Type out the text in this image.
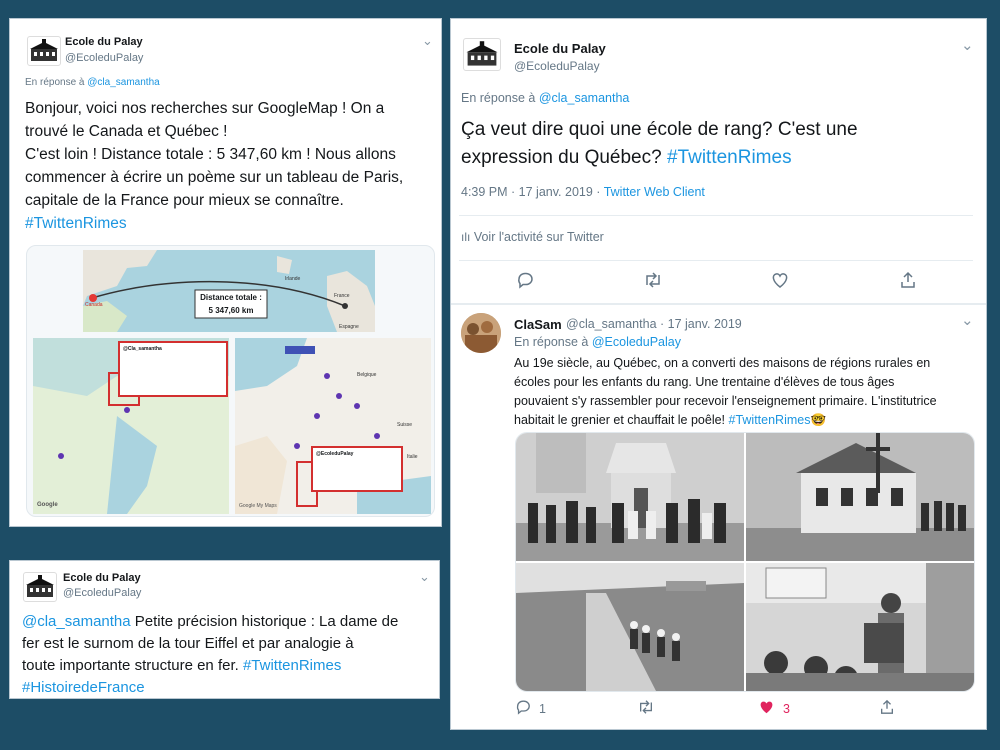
Ecole du Palay
@EcoleduPalay
⌄
En réponse à @cla_samantha
Bonjour, voici nos recherches sur GoogleMap ! On a
trouvé le Canada et Québec !
C'est loin ! Distance totale : 5 347,60 km ! Nous allons
commencer à écrire un poème sur un tableau de Paris,
capitale de la France pour mieux se connaître.
#TwittenRimes
Distance totale :
5 347,60 km
Canada
France
Espagne
Irlande
Belgique
Suisse
Italie
@Cla_samantha
@EcoleduPalay
Google	Google My Maps
Ecole du Palay
@EcoleduPalay
⌄
@cla_samantha Petite précision historique : La dame de
fer est le surnom de la tour Eiffel et par analogie à
toute importante structure en fer. #TwittenRimes
#HistoiredeFrance
Ecole du Palay
@EcoleduPalay
⌄
En réponse à @cla_samantha
Ça veut dire quoi une école de rang? C'est une
expression du Québec? #TwittenRimes
4:39 PM · 17 janv. 2019 · Twitter Web Client
ılı Voir l'activité sur Twitter
ClaSam @cla_samantha · 17 janv. 2019	⌄
En réponse à @EcoleduPalay
Au 19e siècle, au Québec, on a converti des maisons de régions rurales en
écoles pour les enfants du rang. Une trentaine d'élèves de tous âges
pouvaient s'y rassembler pour recevoir l'enseignement primaire. L'institutrice
habitait le grenier et chauffait le poêle! #TwittenRimes🤓
1	3
